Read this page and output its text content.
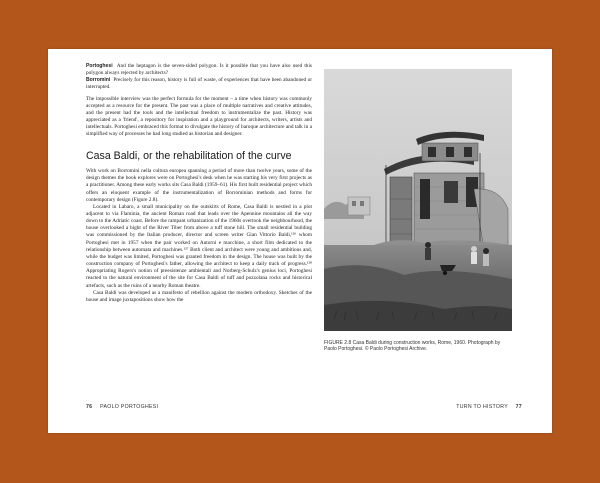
Portoghesi And the heptagon is the seven-sided polygon. Is it possible that you have also used this polygon always rejected by architects?

Borromini Precisely for this reason, history is full of waste, of experiences that have been abandoned or interrupted.

The impossible interview was the perfect formula for the moment – a time when history was commonly accepted as a resource for the present. The past was a place of multiple narratives and creative attitudes, and the present had the tools and the intellectual freedom to instrumentalize the past. History was appreciated as a 'friend', a repository for inspiration and a playground for architects, writers, artists and intellectuals. Portoghesi embraced this format to divulgate the history of baroque architecture and talk in a simplified way of processes he had long studied as historian and designer.

Casa Baldi, or the rehabilitation of the curve

With work on Borromini nella cultura europea spanning a period of more than twelve years, some of the design themes the book explores were on Portoghesi's desk when he was starting his very first projects as a practitioner. Among these early works sits Casa Baldi (1959–61). His first built residential project which offers an eloquent example of the instrumentalization of Borrominian methods and forms for contemporary design (Figure 2.8).

Located in Labaro, a small municipality on the outskirts of Rome, Casa Baldi is nestled in a plot adjacent to via Flaminia, the ancient Roman road that leads over the Apennine mountains all the way down to the Adriatic coast. Before the rampant urbanization of the 1960s overtook the neighbourhood, the house overlooked a bight of the River Tiber from above a tuff stone hill. The small residential building was commissioned by the Italian producer, director and screen writer Gian Vittorio Baldi,¹²⁶ whom Portoghesi met in 1957 when the pair worked on Autorni e macchine, a short film dedicated to the relationship between automata and machines.¹²⁷ Both client and architect were young and ambitious and, while the budget was limited, Portoghesi was granted freedom in the design. The house was built by the construction company of Portoghesi's father, allowing the architect to keep a daily track of progress.¹²⁸ Appropriating Rogers's notion of preesistenze ambientali and Norberg-Schulz's genius loci, Portoghesi reacted to the natural environment of the site for Casa Baldi of tuff and pozzolana rocks and historical artefacts, such as the ruins of a nearby Roman theatre.

Casa Baldi was developed as a manifesto of rebellion against the modern orthodoxy. Sketches of the house and image juxtapositions show how the

FIGURE 2.8 Casa Baldi during construction works, Rome, 1960. Photograph by Paolo Portoghesi. © Paolo Portoghesi Archive.

76 PAOLO PORTOGHESI	TURN TO HISTORY 77
